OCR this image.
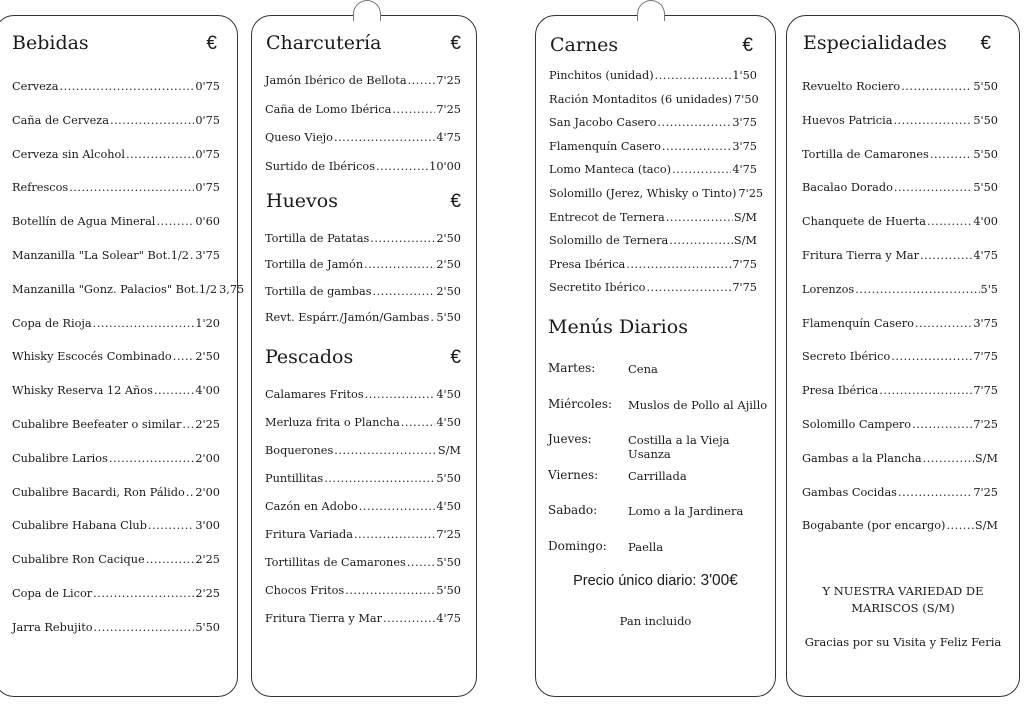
Bebidas	€
Cerveza .....	0'75
Caña de Cerveza .....	0'75
Cerveza sin Alcohol .....	0'75
Refrescos .....	0'75
Botellín de Agua Mineral .....	0'60
Manzanilla "La Solear" Bot.1/2 ..... 3'75
Manzanilla "Gonz. Palacios" Bot.1/2 3,75
Copa de Rioja .....	1'20
Whisky Escocés Combinado ..... 2'50
Whisky Reserva 12 Años .....	4'00
Cubalibre Beefeater o similar ..... 2'25
Cubalibre Larios .....	2'00
Cubalibre Bacardi, Ron Pálido ..... 2'00
Cubalibre Habana Club .....	3'00
Cubalibre Ron Cacique .....	2'25
Copa de Licor .....	2'25
Jarra Rebujito .....	5'50
Charcutería	€
Jamón Ibérico de Bellota .....	7'25
Caña de Lomo Ibérica .....	7'25
Queso Viejo .....	4'75
Surtido de Ibéricos .....	10'00
Huevos	€
Tortilla de Patatas .....	2'50
Tortilla de Jamón .....	2'50
Tortilla de gambas .....	2'50
Revt. Espárr./Jamón/Gambas ..... 5'50
Pescados	€
Calamares Fritos .....	4'50
Merluza frita o Plancha .....	4'50
Boquerones .....	S/M
Puntillitas .....	5'50
Cazón en Adobo .....	4'50
Fritura Variada .....	7'25
Tortillitas de Camarones .....	5'50
Chocos Fritos .....	5'50
Fritura Tierra y Mar .....	4'75
Carnes	€
Pinchitos (unidad) .....	1'50
Ración Montaditos (6 unidades) 7'50
San Jacobo Casero .....	3'75
Flamenquín Casero .....	3'75
Lomo Manteca (taco) .....	4'75
Solomillo (Jerez, Whisky o Tinto) 7'25
Entrecot de Ternera .....	S/M
Solomillo de Ternera .....	S/M
Presa Ibérica .....	7'75
Secretito Ibérico .....	7'75
Menús Diarios
Martes:	Cena
Miércoles: Muslos de Pollo al Ajillo
Jueves:	Costilla a la Vieja Usanza
Viernes:	Carrillada
Sabado:	Lomo a la Jardinera
Domingo: Paella
Precio único diario: 3'00€
Pan incluido
Especialidades €
Revuelto Rociero .....	5'50
Huevos Patricia .....	5'50
Tortilla de Camarones .....	5'50
Bacalao Dorado .....	5'50
Chanquete de Huerta .....	4'00
Fritura Tierra y Mar .....	4'75
Lorenzos .....	5'5
Flamenquín Casero .....	3'75
Secreto Ibérico .....	7'75
Presa Ibérica .....	7'75
Solomillo Campero .....	7'25
Gambas a la Plancha .....	S/M
Gambas Cocidas .....	7'25
Bogabante (por encargo) .....	S/M
Y NUESTRA VARIEDAD DE
MARISCOS (S/M)
Gracias por su Visita y Feliz Feria
